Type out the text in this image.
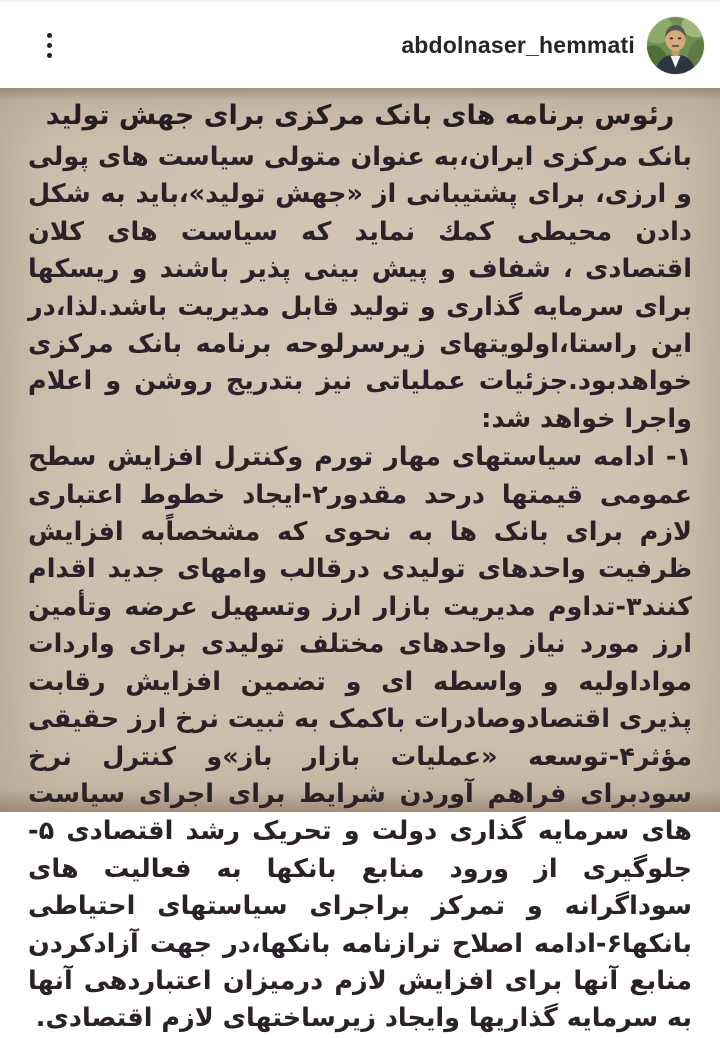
abdolnaser_hemmati
رئوس برنامه های بانک مرکزی برای جهش تولید

بانک مرکزی ایران،به عنوان متولی سیاست های پولی و ارزی، برای پشتیبانی از «جهش تولید»،باید به شکل دادن محیطی کمك نماید که سیاست های کلان اقتصادی ، شفاف و پیش بینی پذیر باشند و ریسکها برای سرمایه گذاری و تولید قابل مدیریت باشد.لذا،در این راستا،اولویتهای زیرسرلوحه برنامه بانک مرکزی خواهدبود.جزئیات عملیاتی نیز بتدریج روشن و اعلام واجرا خواهد شد:

۱- ادامه سیاستهای مهار تورم وکنترل افزایش سطح عمومی قیمتها درحد مقدور۲-ایجاد خطوط اعتباری لازم برای بانک ها به نحوی که مشخصاًبه افزایش ظرفیت واحدهای تولیدی درقالب وامهای جدید اقدام کنند۳-تداوم مدیریت بازار ارز وتسهیل عرضه وتأمین ارز مورد نیاز واحدهای مختلف تولیدی برای واردات مواداولیه و واسطه ای و تضمین افزایش رقابت پذیری اقتصادوصادرات باکمک به ثبیت نرخ ارز حقیقی مؤثر۴-توسعه «عملیات بازار باز»و کنترل نرخ سودبرای فراهم آوردن شرایط برای اجرای سیاست های سرمایه گذاری دولت و تحریک رشد اقتصادی ۵-جلوگیری از ورود منابع بانکها به فعالیت های سوداگرانه و تمرکز براجرای سیاستهای احتیاطی بانکها۶-ادامه اصلاح ترازنامه بانکها،در جهت آزادکردن منابع آنها برای افزایش لازم درمیزان اعتباردهی آنها به سرمایه گذاریها وایجاد زیرساختهای لازم اقتصادی.
